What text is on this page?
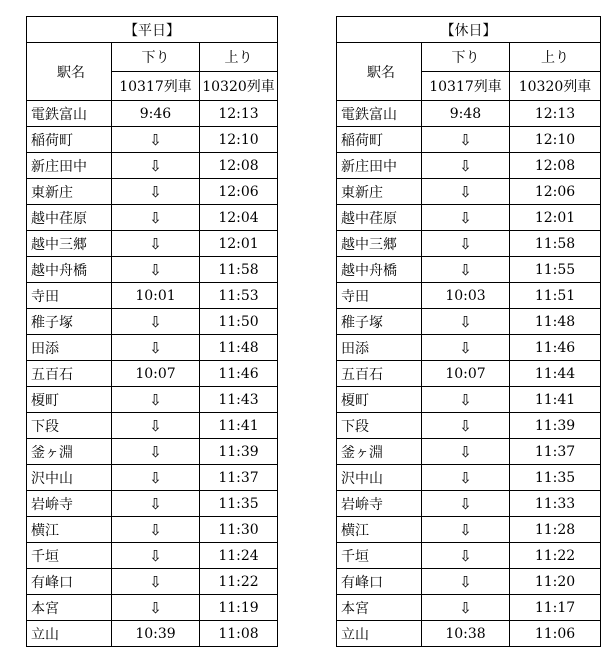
【平日】		
駅名	下り	上り
	10317列車	10320列車
電鉄富山	9:46	12:13
稲荷町	⇩	12:10
新庄田中	⇩	12:08
東新庄	⇩	12:06
越中荏原	⇩	12:04
越中三郷	⇩	12:01
越中舟橋	⇩	11:58
寺田	10:01	11:53
稚子塚	⇩	11:50
田添	⇩	11:48
五百石	10:07	11:46
榎町	⇩	11:43
下段	⇩	11:41
釜ヶ淵	⇩	11:39
沢中山	⇩	11:37
岩峅寺	⇩	11:35
横江	⇩	11:30
千垣	⇩	11:24
有峰口	⇩	11:22
本宮	⇩	11:19
立山	10:39	11:08
【休日】		
駅名	下り	上り
	10317列車	10320列車
電鉄富山	9:48	12:13
稲荷町	⇩	12:10
新庄田中	⇩	12:08
東新庄	⇩	12:06
越中荏原	⇩	12:01
越中三郷	⇩	11:58
越中舟橋	⇩	11:55
寺田	10:03	11:51
稚子塚	⇩	11:48
田添	⇩	11:46
五百石	10:07	11:44
榎町	⇩	11:41
下段	⇩	11:39
釜ヶ淵	⇩	11:37
沢中山	⇩	11:35
岩峅寺	⇩	11:33
横江	⇩	11:28
千垣	⇩	11:22
有峰口	⇩	11:20
本宮	⇩	11:17
立山	10:38	11:06
